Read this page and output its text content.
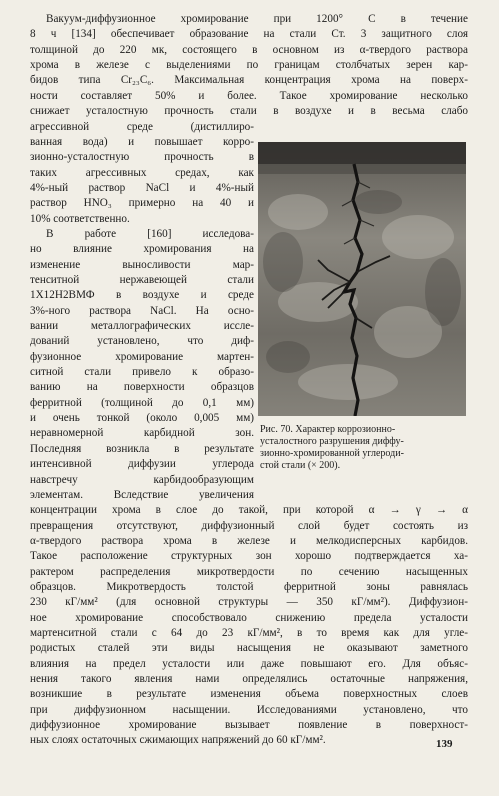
Вакуум-диффузионное хромирование при 1200° С в течение
8 ч [134] обеспечивает образование на стали Ст. 3 защитного слоя
толщиной до 220 мк, состоящего в основном из α-твердого раствора
хрома в железе с выделениями по границам столбчатых зерен кар-
бидов типа Cr₂₃C₆. Максимальная концентрация хрома на поверх-
ности составляет 50% и более. Такое хромирование несколько
снижает усталостную прочность стали в воздухе и в весьма слабо
агрессивной среде (дистиллиро-
ванная вода) и повышает корро-
зионно-усталостную прочность в
таких агрессивных средах, как
4%-ный раствор NaCl и 4%-ный
раствор HNO₃ примерно на 40 и
10% соответственно.
В работе [160] исследова-
но влияние хромирования на
изменение выносливости мар-
тенситной нержавеющей стали
1Х12Н2ВМФ в воздухе и среде
3%-ного раствора NaCl. На осно-
вании металлографических иссле-
дований установлено, что диф-
фузионное хромирование мартен-
ситной стали привело к образо-
ванию на поверхности образцов
ферритной (толщиной до 0,1 мм)
и очень тонкой (около 0,005 мм)
неравномерной карбидной зон.
Последняя возникла в результате
интенсивной диффузии углерода
навстречу карбидообразующим
элементам. Вследствие увеличения
концентрации хрома в слое до такой, при которой α → γ → α
превращения отсутствуют, диффузионный слой будет состоять из
α-твердого раствора хрома в железе и мелкодисперсных карбидов.
Такое расположение структурных зон хорошо подтверждается ха-
рактером распределения микротвердости по сечению насыщенных
образцов. Микротвердость толстой ферритной зоны равнялась
230 кГ/мм² (для основной структуры — 350 кГ/мм²). Диффузион-
ное хромирование способствовало снижению предела усталости
мартенситной стали с 64 до 23 кГ/мм², в то время как для угле-
родистых сталей эти виды насыщения не оказывают заметного
влияния на предел усталости или даже повышают его. Для объяс-
нения такого явления нами определялись остаточные напряжения,
возникшие в результате изменения объема поверхностных слоев
при диффузионном насыщении. Исследованиями установлено, что
диффузионное хромирование вызывает появление в поверхност-
ных слоях остаточных сжимающих напряжений до 60 кГ/мм².
Рис. 70. Характер коррозионно-
усталостного разрушения диффу-
зионно-хромированной углероди-
стой стали (× 200).
139
